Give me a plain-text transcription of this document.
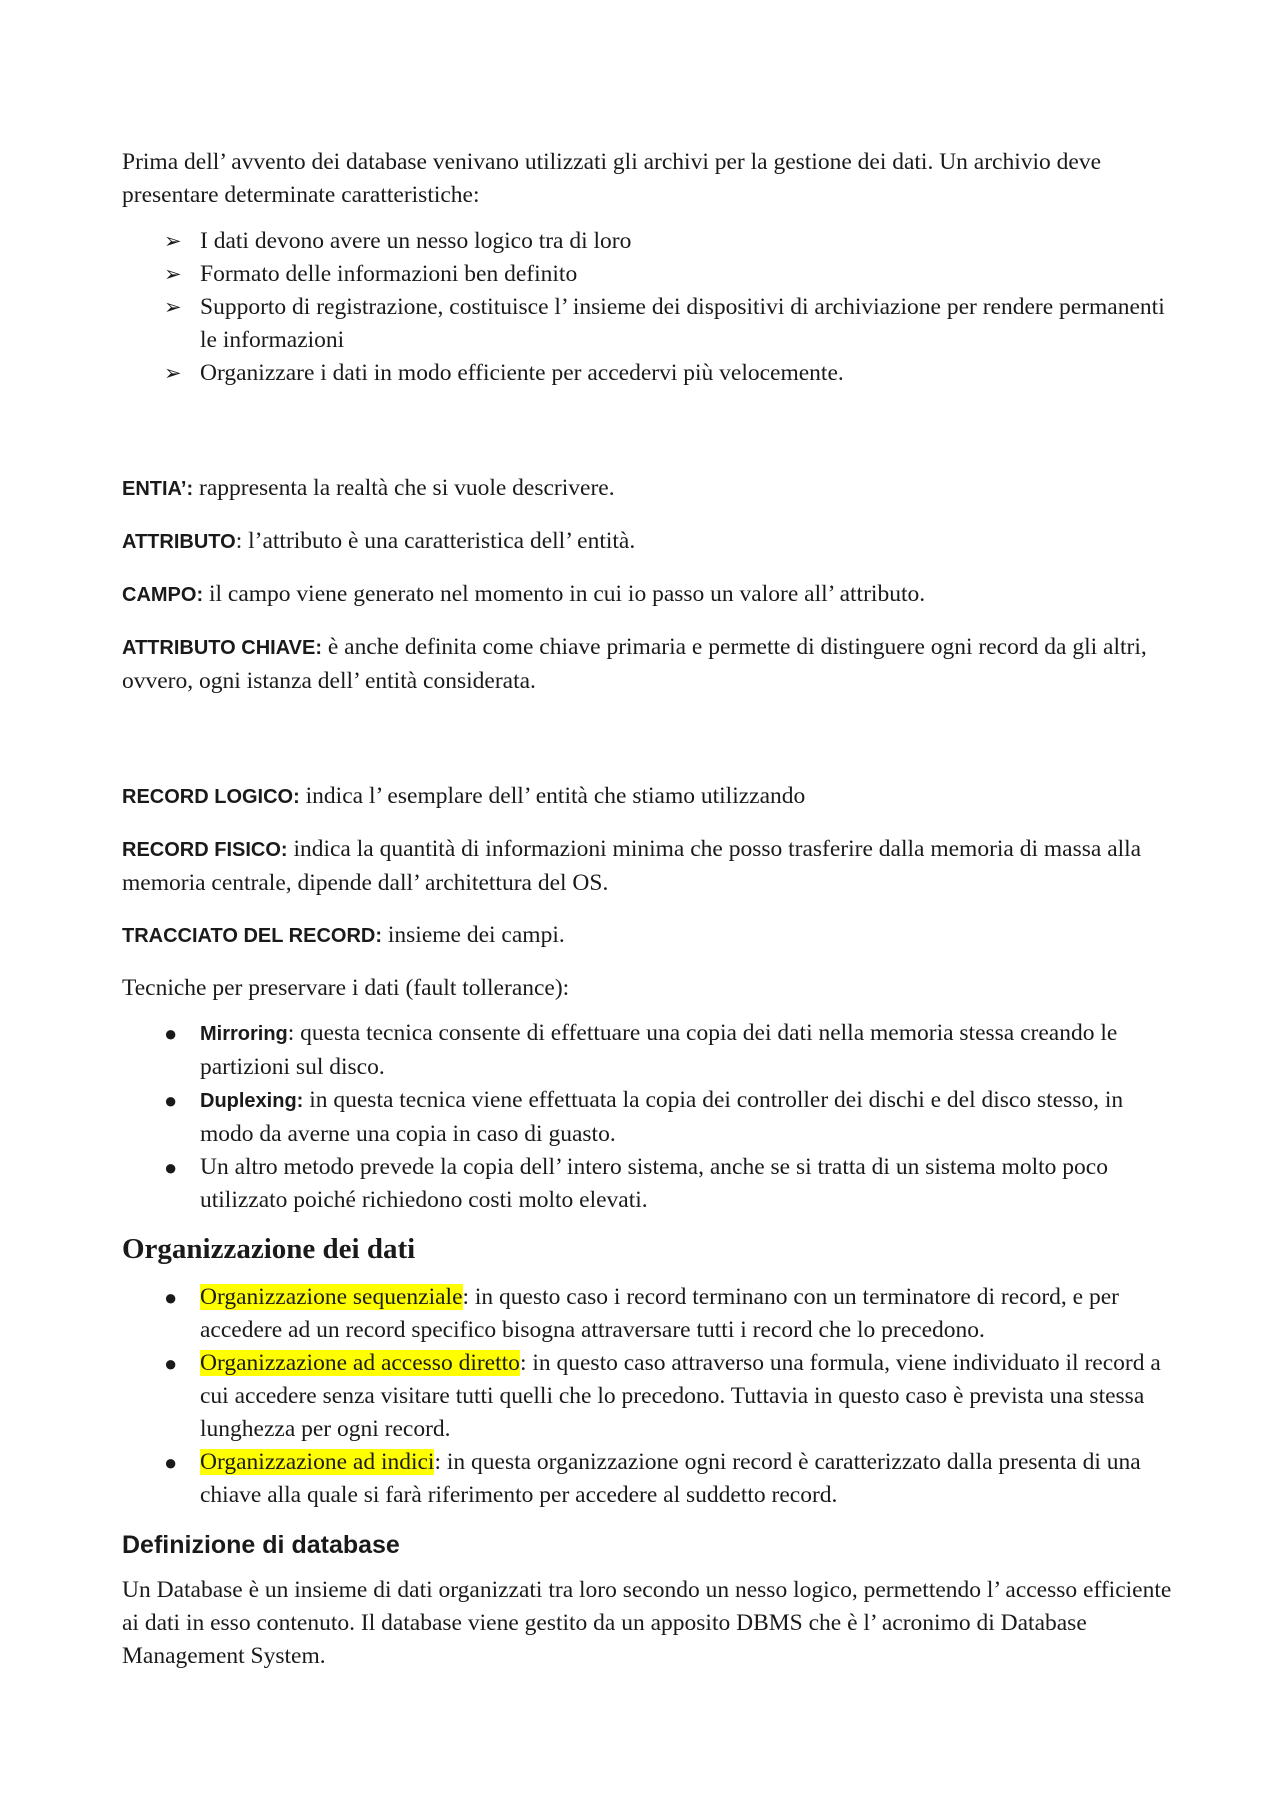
Prima dell’ avvento dei database venivano utilizzati gli archivi per la gestione dei dati. Un archivio deve presentare determinate caratteristiche:

➢ I dati devono avere un nesso logico tra di loro
➢ Formato delle informazioni ben definito
➢ Supporto di registrazione, costituisce l’ insieme dei dispositivi di archiviazione per rendere permanenti le informazioni
➢ Organizzare i dati in modo efficiente per accedervi più velocemente.

ENTIA’: rappresenta la realtà che si vuole descrivere.

ATTRIBUTO: l’attributo è una caratteristica dell’ entità.

CAMPO: il campo viene generato nel momento in cui io passo un valore all’ attributo.

ATTRIBUTO CHIAVE: è anche definita come chiave primaria e permette di distinguere ogni record da gli altri, ovvero, ogni istanza dell’ entità considerata.

RECORD LOGICO: indica l’ esemplare dell’ entità che stiamo utilizzando

RECORD FISICO: indica la quantità di informazioni minima che posso trasferire dalla memoria di massa alla memoria centrale, dipende dall’ architettura del OS.

TRACCIATO DEL RECORD: insieme dei campi.

Tecniche per preservare i dati (fault tollerance):

●	Mirroring: questa tecnica consente di effettuare una copia dei dati nella memoria stessa creando le partizioni sul disco.
●	Duplexing: in questa tecnica viene effettuata la copia dei controller dei dischi e del disco stesso, in modo da averne una copia in caso di guasto.
● Un altro metodo prevede la copia dell’ intero sistema, anche se si tratta di un sistema molto poco utilizzato poiché richiedono costi molto elevati.
Organizzazione dei dati
● Organizzazione sequenziale: in questo caso i record terminano con un terminatore di record, e per accedere ad un record specifico bisogna attraversare tutti i record che lo precedono.
● Organizzazione ad accesso diretto: in questo caso attraverso una formula, viene individuato il record a cui accedere senza visitare tutti quelli che lo precedono. Tuttavia in questo caso è prevista una stessa lunghezza per ogni record.
● Organizzazione ad indici: in questa organizzazione ogni record è caratterizzato dalla presenta di una chiave alla quale si farà riferimento per accedere al suddetto record.
Definizione di database

Un Database è un insieme di dati organizzati tra loro secondo un nesso logico, permettendo l’ accesso efficiente ai dati in esso contenuto. Il database viene gestito da un apposito DBMS che è l’ acronimo di Database Management System.
